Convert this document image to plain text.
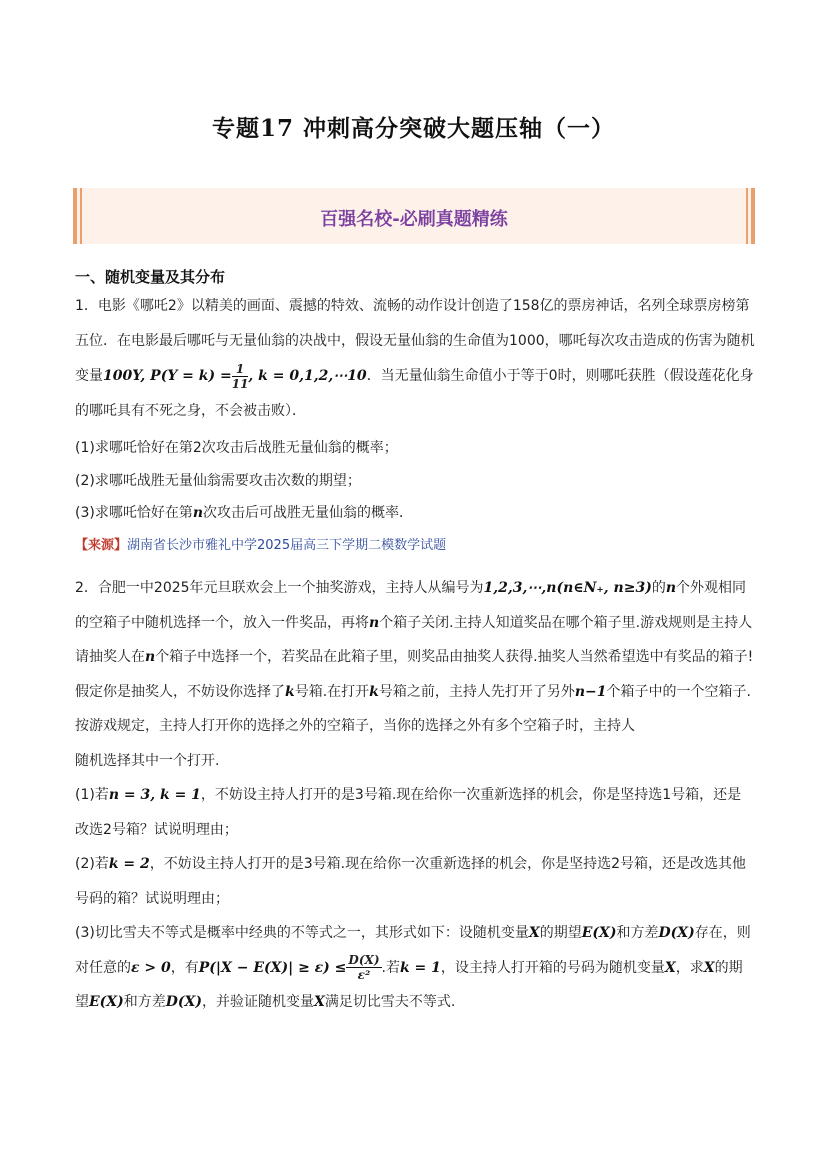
专题17 冲刺高分突破大题压轴（一）
百强名校-必刷真题精练
一、随机变量及其分布

1．电影《哪吒2》以精美的画面、震撼的特效、流畅的动作设计创造了158亿的票房神话，名列全球票房榜第五位．在电影最后哪吒与无量仙翁的决战中，假设无量仙翁的生命值为1000，哪吒每次攻击造成的伤害为随机变量100Y, $P(Y = k) = \frac{1}{11}$ , k = 0,1,2,⋯10．当无量仙翁生命值小于等于0时，则哪吒获胜（假设莲花化身的哪吒具有不死之身，不会被击败）．

(1)求哪吒恰好在第2次攻击后战胜无量仙翁的概率；
(2)求哪吒战胜无量仙翁需要攻击次数的期望；
(3)求哪吒恰好在第n次攻击后可战胜无量仙翁的概率．
【来源】湖南省长沙市雅礼中学2025届高三下学期二模数学试题

2．合肥一中2025年元旦联欢会上一个抽奖游戏，主持人从编号为1,2,3,⋯,n(n∈N₊, n≥3)的n个外观相同的空箱子中随机选择一个，放入一件奖品，再将n个箱子关闭.主持人知道奖品在哪个箱子里.游戏规则是主持人请抽奖人在n个箱子中选择一个，若奖品在此箱子里，则奖品由抽奖人获得.抽奖人当然希望选中有奖品的箱子!假定你是抽奖人，不妨设你选择了k号箱.在打开k号箱之前，主持人先打开了另外n−1个箱子中的一个空箱子.按游戏规定，主持人打开你的选择之外的空箱子，当你的选择之外有多个空箱子时，主持人
随机选择其中一个打开.
(1)若n = 3, k = 1，不妨设主持人打开的是3号箱.现在给你一次重新选择的机会，你是坚持选1号箱，还是改选2号箱？试说明理由；
(2)若k = 2，不妨设主持人打开的是3号箱.现在给你一次重新选择的机会，你是坚持选2号箱，还是改选其他号码的箱？试说明理由；
(3)切比雪夫不等式是概率中经典的不等式之一，其形式如下：设随机变量X的期望E(X)和方差D(X)存在，则对任意的ε > 0，有$P(|X - E(X)| \ge \varepsilon) \le \frac{D(X)}{\text{ε²}}$ .若k = 1，设主持人打开箱的号码为随机变量X，求X的期望E(X)和方差D(X)，并验证随机变量X满足切比雪夫不等式.
